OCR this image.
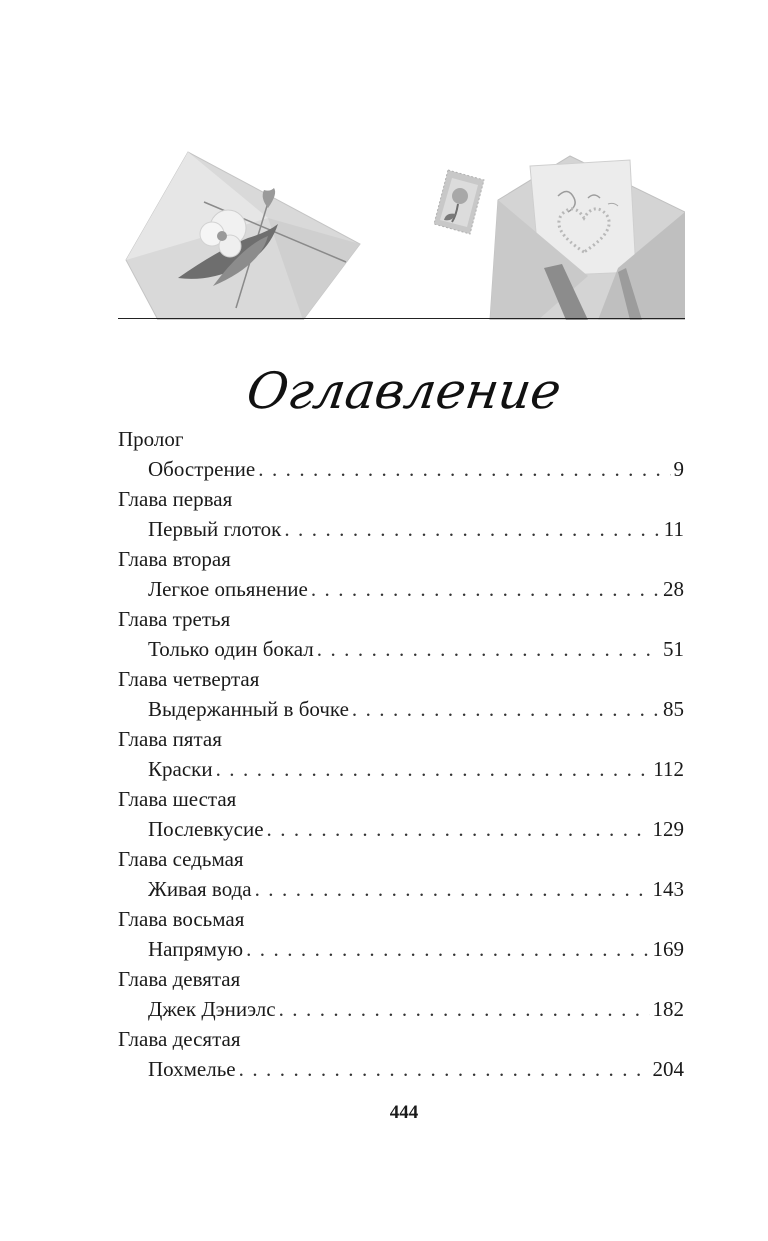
Оглавление
Пролог
Обострение . . .	9
Глава первая
Первый глоток . . .	11
Глава вторая
Легкое опьянение . . .	28
Глава третья
Только один бокал . . .	51
Глава четвертая
Выдержанный в бочке . . .	85
Глава пятая
Краски . . .	112
Глава шестая
Послевкусие . . .	129
Глава седьмая
Живая вода . . .	143
Глава восьмая
Напрямую . . .	169
Глава девятая
Джек Дэниэлс . . .	182
Глава десятая
Похмелье . . .	204
444
